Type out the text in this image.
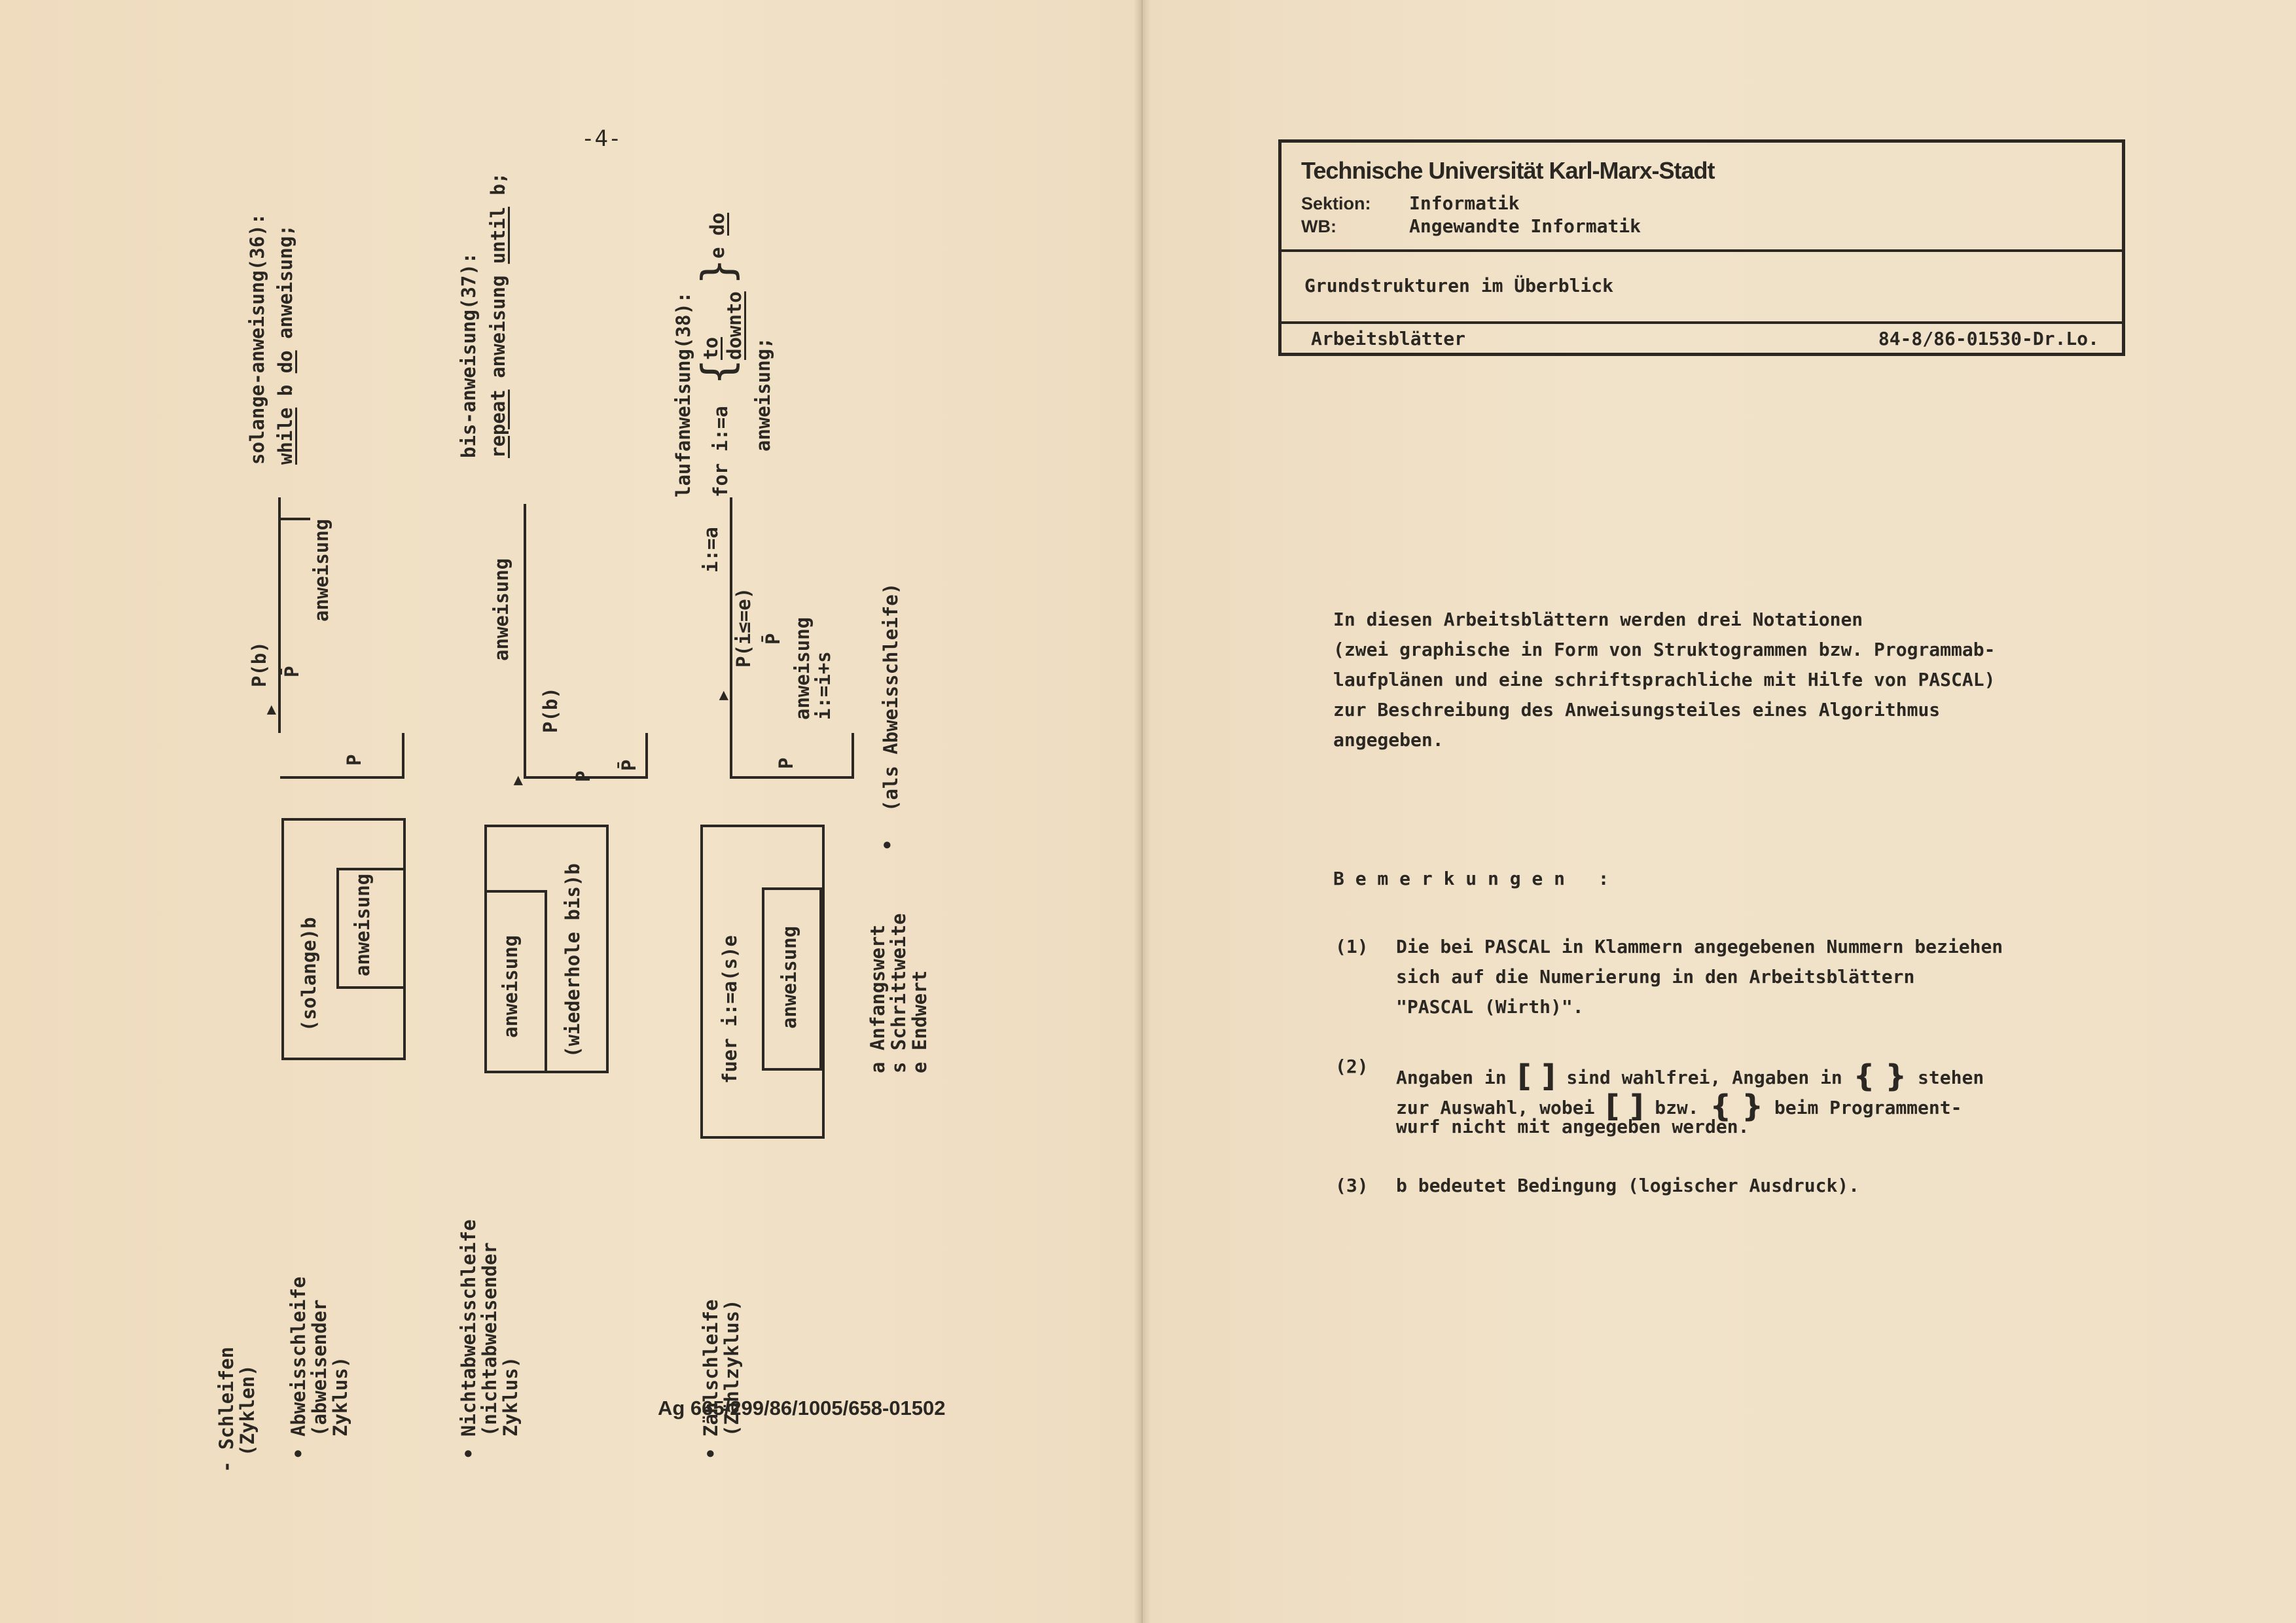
-4-
Ag 665/299/86/1005/658-01502
- Schleifen
(Zyklen) • Abweisschleife
(abweisender
Zyklus)
(solange)b anweisung
▶
P(b) P̄
P
anweisung
solange-anweisung(36): while b do anweisung;
• Nichtabweisschleife
(nichtabweisender
Zyklus)
anweisung (wiederhole bis)b
▶
anweisung
P(b)
P
P̄
bis-anweisung(37): repeat anweisung until b;
• Zählschleife
(Zählzyklus)
fuer i:=a(s)e anweisung
▶
i:=a
P(i≤=e) P̄
P
anweisung
i:=i+s
laufanweisung(38): for i:=a
to downto
{
}
e
do
anweisung;
a Anfangswert
s Schrittweite
e Endwert
(als Abweisschleife)
•
Technische Universität Karl-Marx-Stadt
Sektion: Informatik
WB:	Angewandte Informatik
Grundstrukturen im Überblick
Arbeitsblätter	84-8/86-01530-Dr.Lo.
In diesen Arbeitsblättern werden drei Notationen
(zwei graphische in Form von Struktogrammen bzw. Programmab-
laufplänen und eine schriftsprachliche mit Hilfe von PASCAL)
zur Beschreibung des Anweisungsteiles eines Algorithmus
angegeben.
B e m e r k u n g e n   :
(1) Die bei PASCAL in Klammern angegebenen Nummern beziehen
sich auf die Numerierung in den Arbeitsblättern
"PASCAL (Wirth)".
(2)
Angaben in [ ] sind wahlfrei, Angaben in { } stehen
zur Auswahl, wobei [ ] bzw. { } beim Programment-
wurf nicht mit angegeben werden.
(3) b bedeutet Bedingung (logischer Ausdruck).
